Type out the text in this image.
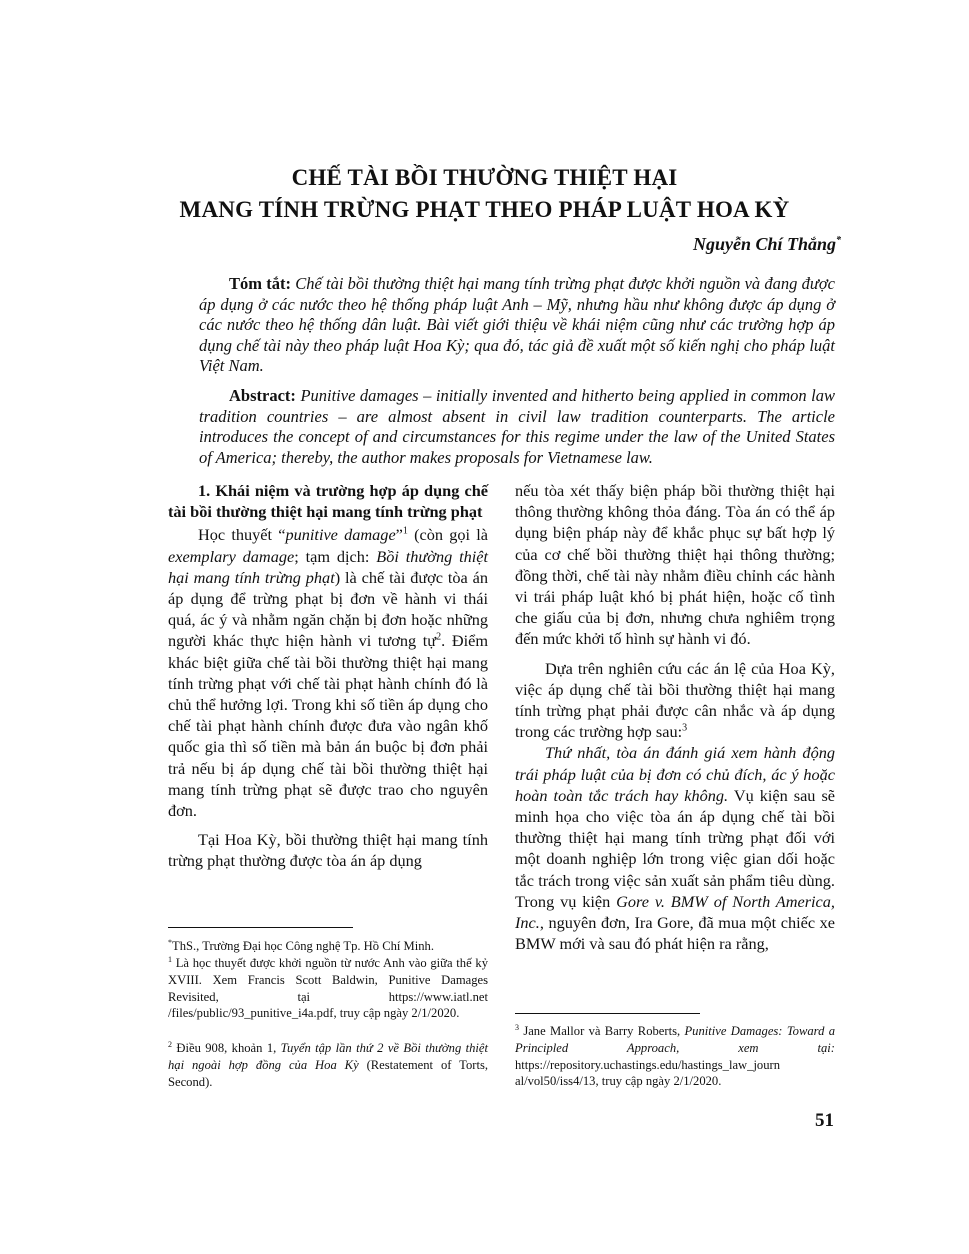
CHẾ TÀI BỒI THƯỜNG THIỆT HẠI
MANG TÍNH TRỪNG PHẠT THEO PHÁP LUẬT HOA KỲ
Nguyễn Chí Thắng*

Tóm tắt: Chế tài bồi thường thiệt hại mang tính trừng phạt được khởi nguồn và đang được áp dụng ở các nước theo hệ thống pháp luật Anh – Mỹ, nhưng hầu như không được áp dụng ở các nước theo hệ thống dân luật. Bài viết giới thiệu về khái niệm cũng như các trường hợp áp dụng chế tài này theo pháp luật Hoa Kỳ; qua đó, tác giả đề xuất một số kiến nghị cho pháp luật Việt Nam.

Abstract: Punitive damages – initially invented and hitherto being applied in common law tradition countries – are almost absent in civil law tradition counterparts. The article introduces the concept of and circumstances for this regime under the law of the United States of America; thereby, the author makes proposals for Vietnamese law.

1. Khái niệm và trường hợp áp dụng chế tài bồi thường thiệt hại mang tính trừng phạt

Học thuyết “punitive damage”$^1$ (còn gọi là exemplary damage; tạm dịch: Bồi thường thiệt hại mang tính trừng phạt) là chế tài được tòa án áp dụng để trừng phạt bị đơn về hành vi thái quá, ác ý và nhằm ngăn chặn bị đơn hoặc những người khác thực hiện hành vi tương tự$^2$. Điểm khác biệt giữa chế tài bồi thường thiệt hại mang tính trừng phạt với chế tài phạt hành chính đó là chủ thể hưởng lợi. Trong khi số tiền áp dụng cho chế tài phạt hành chính được đưa vào ngân khố quốc gia thì số tiền mà bản án buộc bị đơn phải trả nếu bị áp dụng chế tài bồi thường thiệt hại mang tính trừng phạt sẽ được trao cho nguyên đơn.

Tại Hoa Kỳ, bồi thường thiệt hại mang tính trừng phạt thường được tòa án áp dụng

nếu tòa xét thấy biện pháp bồi thường thiệt hại thông thường không thỏa đáng. Tòa án có thể áp dụng biện pháp này để khắc phục sự bất hợp lý của cơ chế bồi thường thiệt hại thông thường; đồng thời, chế tài này nhằm điều chỉnh các hành vi trái pháp luật khó bị phát hiện, hoặc cố tình che giấu của bị đơn, nhưng chưa nghiêm trọng đến mức khởi tố hình sự hành vi đó.

Dựa trên nghiên cứu các án lệ của Hoa Kỳ, việc áp dụng chế tài bồi thường thiệt hại mang tính trừng phạt phải được cân nhắc và áp dụng trong các trường hợp sau:$^3$

Thứ nhất, tòa án đánh giá xem hành động trái pháp luật của bị đơn có chủ đích, ác ý hoặc hoàn toàn tắc trách hay không. Vụ kiện sau sẽ minh họa cho việc tòa án áp dụng chế tài bồi thường thiệt hại mang tính trừng phạt đối với một doanh nghiệp lớn trong việc gian dối hoặc tắc trách trong việc sản xuất sản phẩm tiêu dùng. Trong vụ kiện Gore v. BMW of North America, Inc., nguyên đơn, Ira Gore, đã mua một chiếc xe BMW mới và sau đó phát hiện ra rằng,

*ThS., Trường Đại học Công nghệ Tp. Hồ Chí Minh.

$^1$ Là học thuyết được khởi nguồn từ nước Anh vào giữa thế kỷ XVIII. Xem Francis Scott Baldwin, Punitive Damages Revisited, tại https://www.iatl.net /files/public/93_punitive_i4a.pdf, truy cập ngày 2/1/2020.

$^2$ Điều 908, khoản 1, Tuyển tập lần thứ 2 về Bồi thường thiệt hại ngoài hợp đồng của Hoa Kỳ (Restatement of Torts, Second).

$^3$ Jane Mallor và Barry Roberts, Punitive Damages: Toward a Principled Approach, xem tại: https://repository.uchastings.edu/hastings_law_journ al/vol50/iss4/13, truy cập ngày 2/1/2020.

51
